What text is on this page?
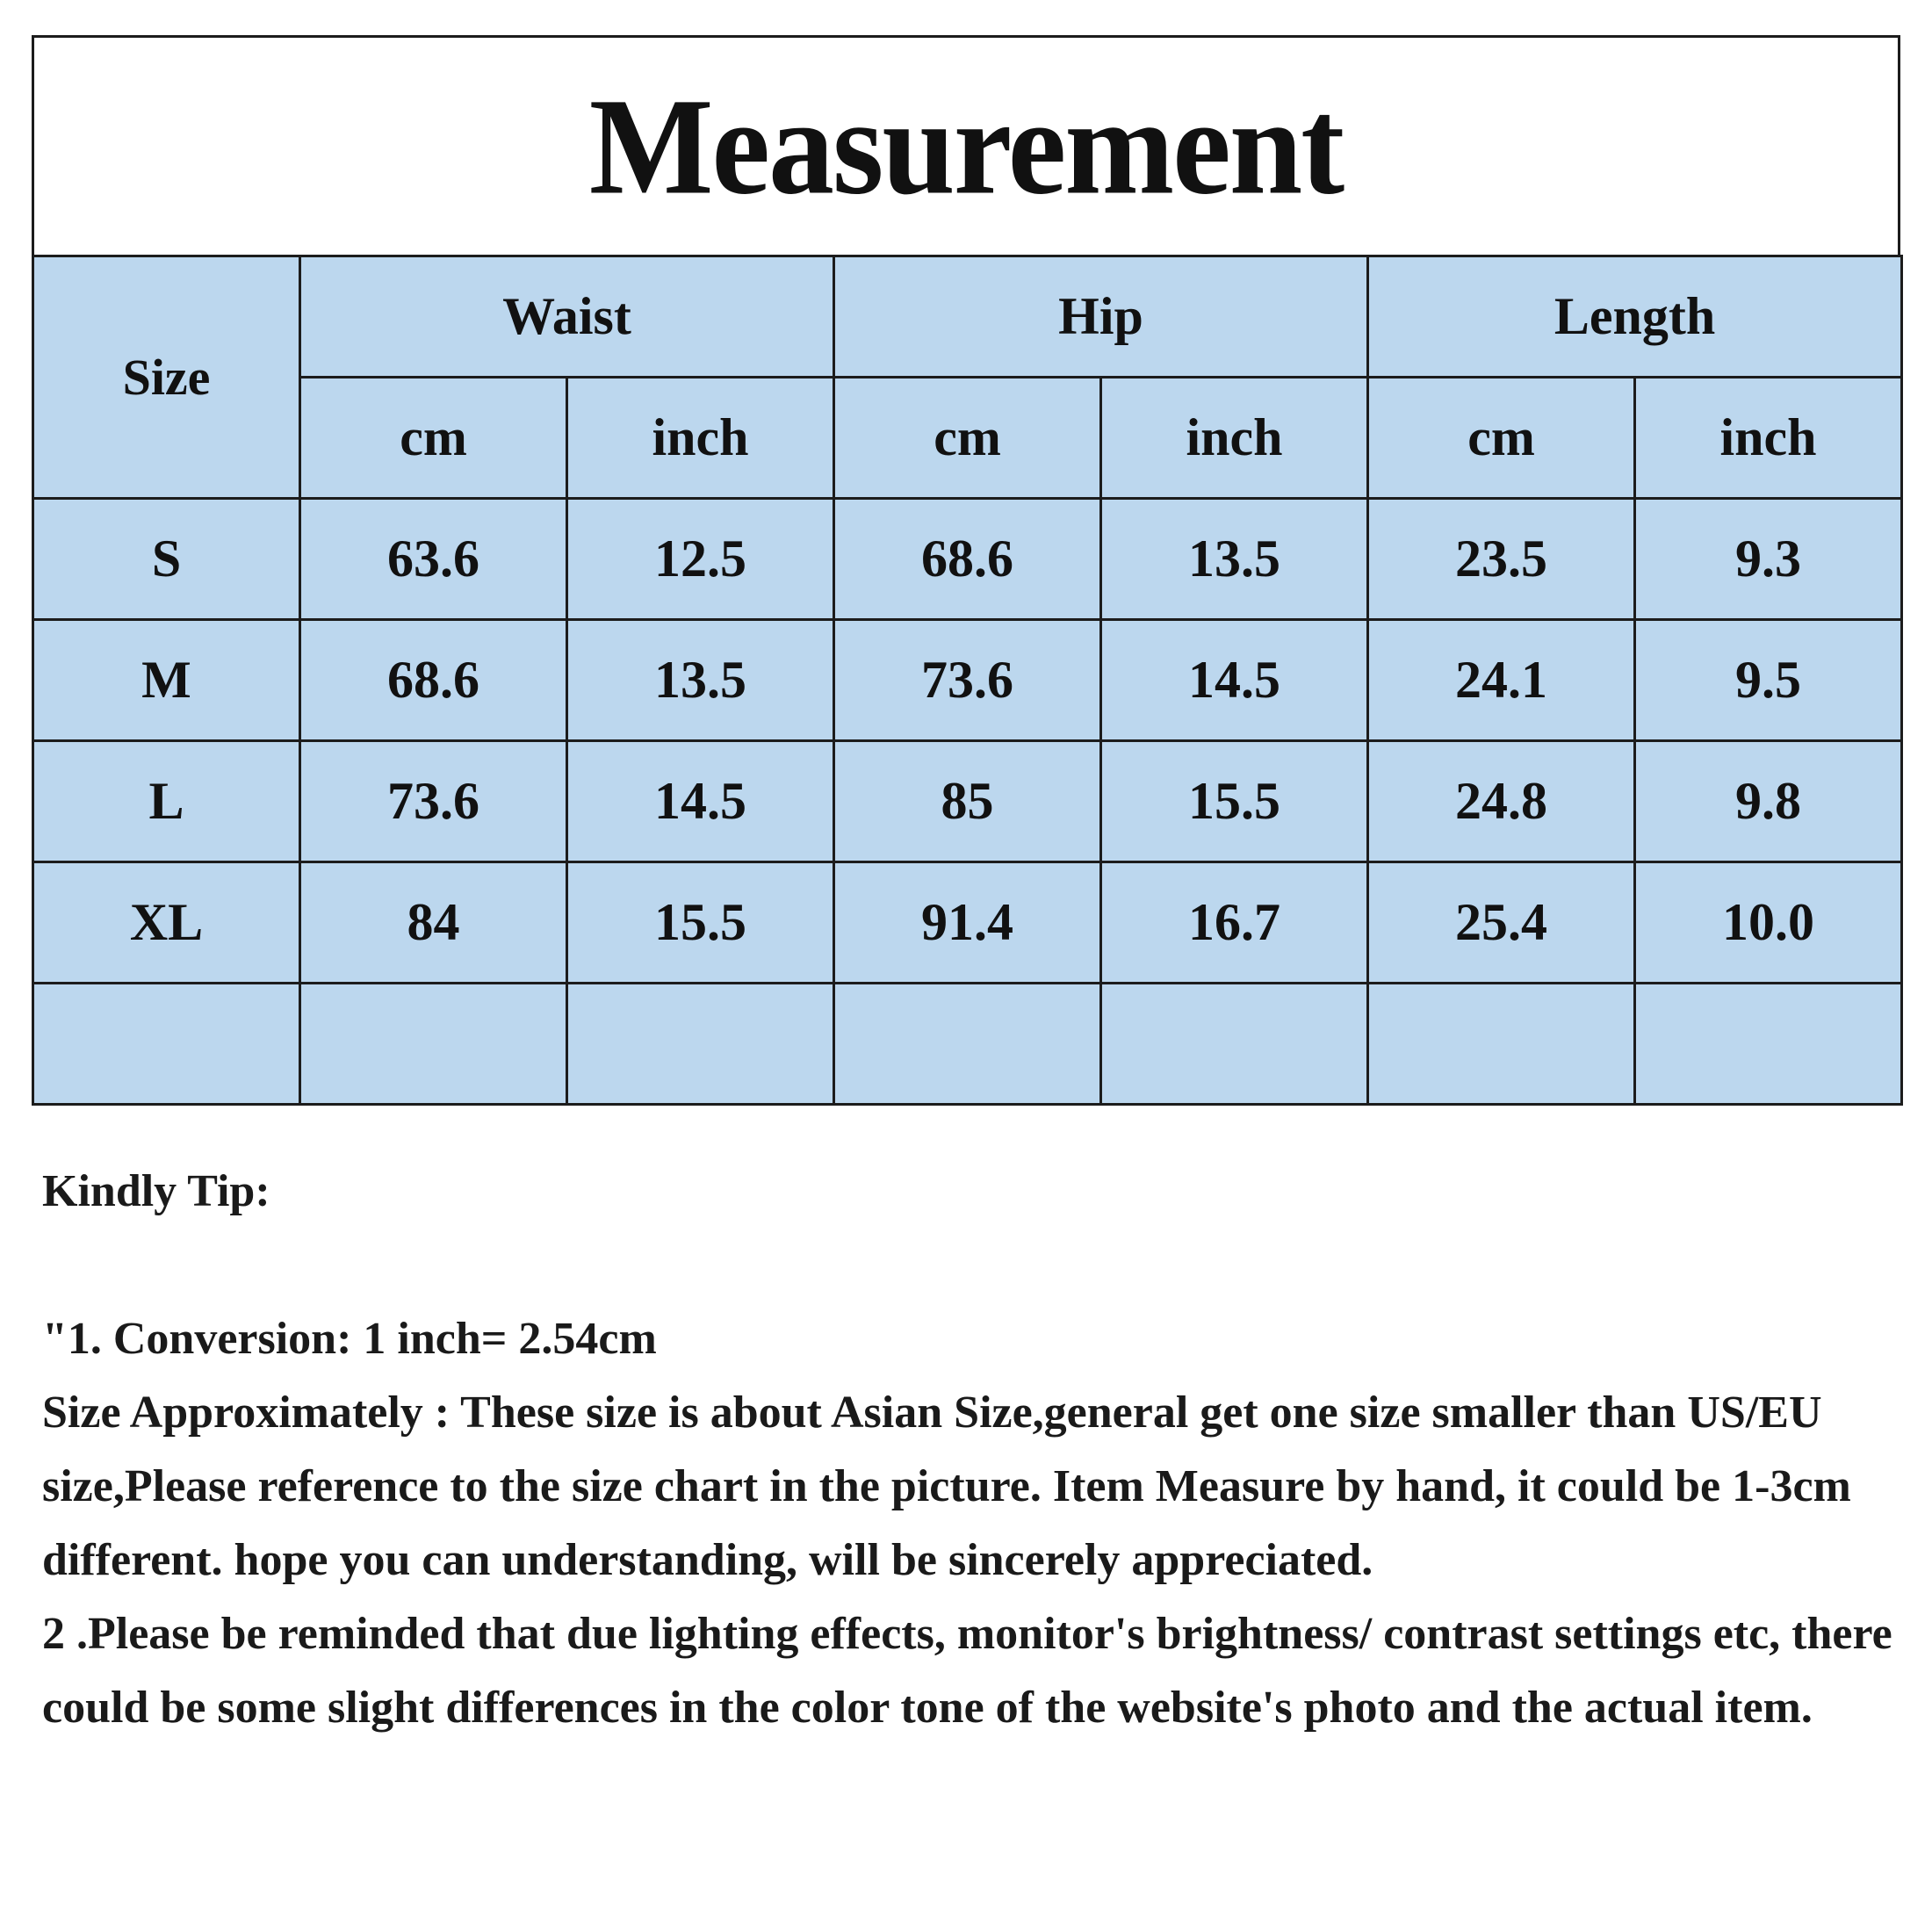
Measurement
Size	Waist		Hip		Length	
	cm	inch	cm	inch	cm	inch
S	63.6	12.5	68.6	13.5	23.5	9.3
M	68.6	13.5	73.6	14.5	24.1	9.5
L	73.6	14.5	85	15.5	24.8	9.8
XL	84	15.5	91.4	16.7	25.4	10.0

Kindly Tip:

"1. Conversion: 1 inch= 2.54cm

Size Approximately : These size is about Asian Size,general get one size smaller than US/EU size,Please reference to the size chart in the picture. Item Measure by hand, it could be 1-3cm different. hope you can understanding, will be sincerely appreciated.

2 .Please be reminded that due lighting effects, monitor's brightness/ contrast settings etc, there could be some slight differences in the color tone of the website's photo and the actual item.
